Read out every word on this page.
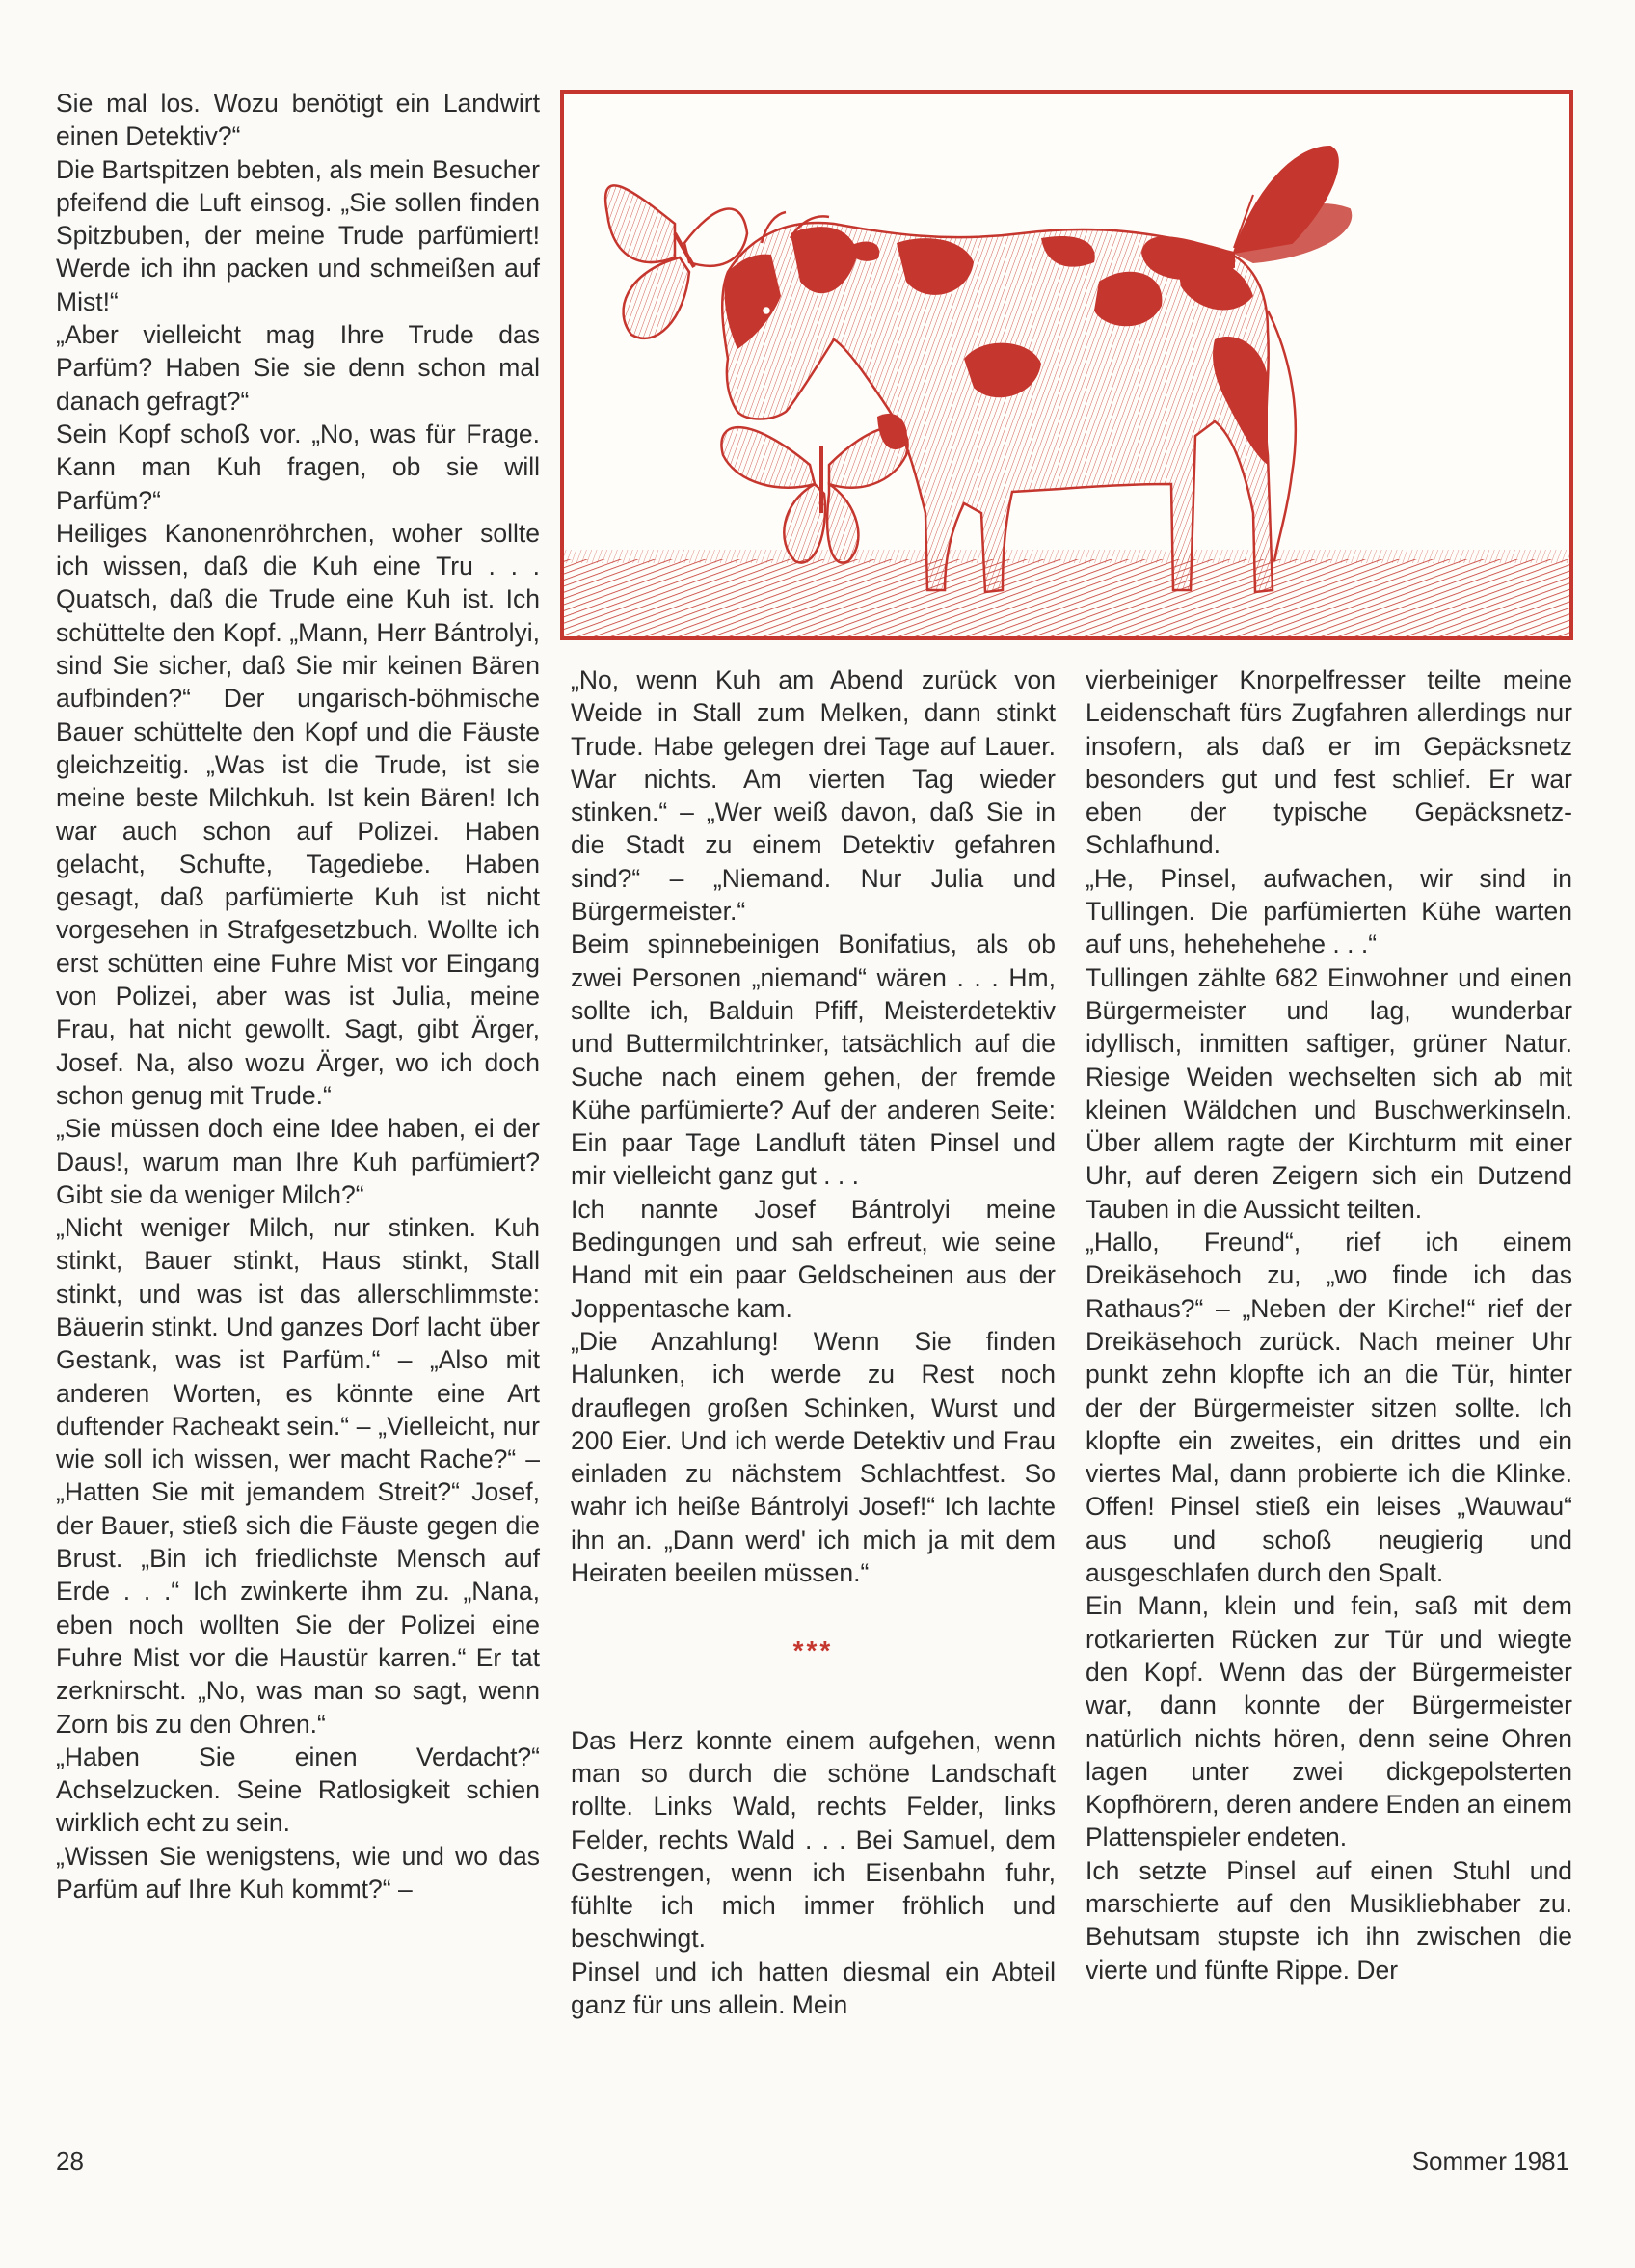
Sie mal los. Wozu benötigt ein Landwirt einen Detektiv?“

Die Bartspitzen bebten, als mein Besucher pfeifend die Luft einsog. „Sie sollen finden Spitzbuben, der meine Trude parfümiert! Werde ich ihn packen und schmeißen auf Mist!“

„Aber vielleicht mag Ihre Trude das Parfüm? Haben Sie sie denn schon mal danach gefragt?“

Sein Kopf schoß vor. „No, was für Frage. Kann man Kuh fragen, ob sie will Parfüm?“

Heiliges Kanonenröhrchen, woher sollte ich wissen, daß die Kuh eine Tru . . . Quatsch, daß die Trude eine Kuh ist. Ich schüttelte den Kopf. „Mann, Herr Bántrolyi, sind Sie sicher, daß Sie mir keinen Bären aufbinden?“ Der ungarisch-böhmische Bauer schüttelte den Kopf und die Fäuste gleichzeitig. „Was ist die Trude, ist sie meine beste Milchkuh. Ist kein Bären! Ich war auch schon auf Polizei. Haben gelacht, Schufte, Tagediebe. Haben gesagt, daß parfümierte Kuh ist nicht vorgesehen in Strafgesetzbuch. Wollte ich erst schütten eine Fuhre Mist vor Eingang von Polizei, aber was ist Julia, meine Frau, hat nicht gewollt. Sagt, gibt Ärger, Josef. Na, also wozu Ärger, wo ich doch schon genug mit Trude.“

„Sie müssen doch eine Idee haben, ei der Daus!, warum man Ihre Kuh parfümiert? Gibt sie da weniger Milch?“

„Nicht weniger Milch, nur stinken. Kuh stinkt, Bauer stinkt, Haus stinkt, Stall stinkt, und was ist das allerschlimmste: Bäuerin stinkt. Und ganzes Dorf lacht über Gestank, was ist Parfüm.“ – „Also mit anderen Worten, es könnte eine Art duftender Racheakt sein.“ – „Vielleicht, nur wie soll ich wissen, wer macht Rache?“ – „Hatten Sie mit jemandem Streit?“ Josef, der Bauer, stieß sich die Fäuste gegen die Brust. „Bin ich friedlichste Mensch auf Erde . . .“ Ich zwinkerte ihm zu. „Nana, eben noch wollten Sie der Polizei eine Fuhre Mist vor die Haustür karren.“ Er tat zerknirscht. „No, was man so sagt, wenn Zorn bis zu den Ohren.“

„Haben Sie einen Verdacht?“ Achselzucken. Seine Ratlosigkeit schien wirklich echt zu sein.

„Wissen Sie wenigstens, wie und wo das Parfüm auf Ihre Kuh kommt?“ –

„No, wenn Kuh am Abend zurück von Weide in Stall zum Melken, dann stinkt Trude. Habe gelegen drei Tage auf Lauer. War nichts. Am vierten Tag wieder stinken.“ – „Wer weiß davon, daß Sie in die Stadt zu einem Detektiv gefahren sind?“ – „Niemand. Nur Julia und Bürgermeister.“

Beim spinnebeinigen Bonifatius, als ob zwei Personen „niemand“ wären . . . Hm, sollte ich, Balduin Pfiff, Meisterdetektiv und Buttermilchtrinker, tatsächlich auf die Suche nach einem gehen, der fremde Kühe parfümierte? Auf der anderen Seite: Ein paar Tage Landluft täten Pinsel und mir vielleicht ganz gut . . .

Ich nannte Josef Bántrolyi meine Bedingungen und sah erfreut, wie seine Hand mit ein paar Geldscheinen aus der Joppentasche kam.

„Die Anzahlung! Wenn Sie finden Halunken, ich werde zu Rest noch drauflegen großen Schinken, Wurst und 200 Eier. Und ich werde Detektiv und Frau einladen zu nächstem Schlachtfest. So wahr ich heiße Bántrolyi Josef!“ Ich lachte ihn an. „Dann werd' ich mich ja mit dem Heiraten beeilen müssen.“

***

Das Herz konnte einem aufgehen, wenn man so durch die schöne Landschaft rollte. Links Wald, rechts Felder, links Felder, rechts Wald . . . Bei Samuel, dem Gestrengen, wenn ich Eisenbahn fuhr, fühlte ich mich immer fröhlich und beschwingt.

Pinsel und ich hatten diesmal ein Abteil ganz für uns allein. Mein

vierbeiniger Knorpelfresser teilte meine Leidenschaft fürs Zugfahren allerdings nur insofern, als daß er im Gepäcksnetz besonders gut und fest schlief. Er war eben der typische Gepäcksnetz-Schlafhund.

„He, Pinsel, aufwachen, wir sind in Tullingen. Die parfümierten Kühe warten auf uns, hehehehehe . . .“

Tullingen zählte 682 Einwohner und einen Bürgermeister und lag, wunderbar idyllisch, inmitten saftiger, grüner Natur. Riesige Weiden wechselten sich ab mit kleinen Wäldchen und Buschwerkinseln. Über allem ragte der Kirchturm mit einer Uhr, auf deren Zeigern sich ein Dutzend Tauben in die Aussicht teilten.

„Hallo, Freund“, rief ich einem Dreikäsehoch zu, „wo finde ich das Rathaus?“ – „Neben der Kirche!“ rief der Dreikäsehoch zurück. Nach meiner Uhr punkt zehn klopfte ich an die Tür, hinter der der Bürgermeister sitzen sollte. Ich klopfte ein zweites, ein drittes und ein viertes Mal, dann probierte ich die Klinke. Offen! Pinsel stieß ein leises „Wauwau“ aus und schoß neugierig und ausgeschlafen durch den Spalt.

Ein Mann, klein und fein, saß mit dem rotkarierten Rücken zur Tür und wiegte den Kopf. Wenn das der Bürgermeister war, dann konnte der Bürgermeister natürlich nichts hören, denn seine Ohren lagen unter zwei dickgepolsterten Kopfhörern, deren andere Enden an einem Plattenspieler endeten.

Ich setzte Pinsel auf einen Stuhl und marschierte auf den Musikliebhaber zu. Behutsam stupste ich ihn zwischen die vierte und fünfte Rippe. Der

28	Sommer 1981
